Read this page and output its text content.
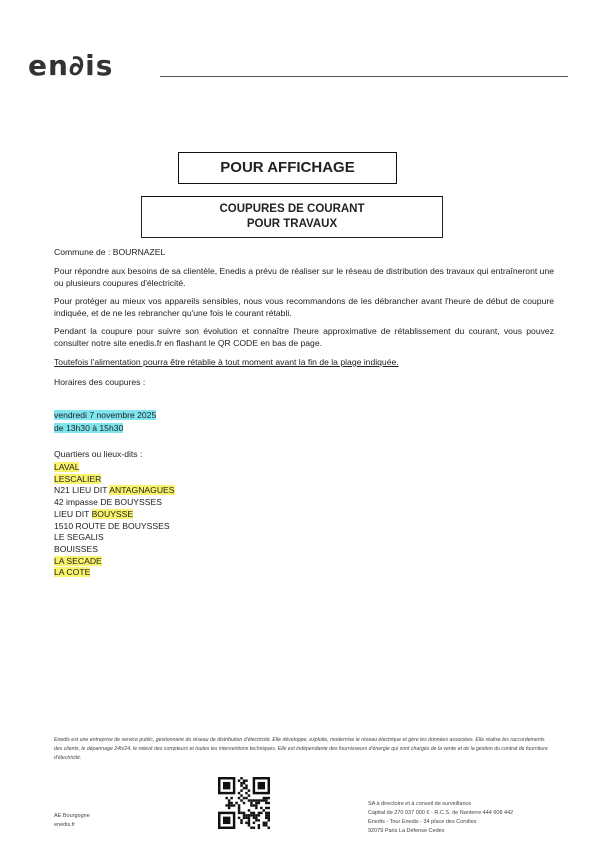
en∂is
POUR AFFICHAGE
COUPURES DE COURANT
POUR TRAVAUX
Commune de : BOURNAZEL
Pour répondre aux besoins de sa clientèle, Enedis a prévu de réaliser sur le réseau de distribution des travaux qui entraîneront une ou plusieurs coupures d'électricité.
Pour protéger au mieux vos appareils sensibles, nous vous recommandons de les débrancher avant l'heure de début de coupure indiquée, et de ne les rebrancher qu'une fois le courant rétabli.
Pendant la coupure pour suivre son évolution et connaître l'heure approximative de rétablissement du courant, vous pouvez consulter notre site enedis.fr en flashant le QR CODE en bas de page.
Toutefois l'alimentation pourra être rétablie à tout moment avant la fin de la plage indiquée.
Horaires des coupures :
vendredi 7 novembre 2025
de 13h30 à 15h30
Quartiers ou lieux-dits :
LAVAL
LESCALIER
N21 LIEU DIT ANTAGNAGUES
42 impasse DE BOUYSSES
LIEU DIT BOUYSSE
1510 ROUTE DE BOUYSSES
LE SEGALIS
BOUISSES
LA SECADE
LA COTE
Enedis est une entreprise de service public, gestionnaire du réseau de distribution d'électricité. Elle développe, exploite, modernise le réseau électrique et gère les données associées. Elle réalise les raccordements des clients, le dépannage 24h/24, le relevé des compteurs et toutes les interventions techniques. Elle est indépendante des fournisseurs d'énergie qui sont chargés de la vente et de la gestion du contrat de fourniture d'électricité.
AE Bourgogne
enedis.fr
SA à directoire et à conseil de surveillance
Capital de 270 037 000 € - R.C.S. de Nanterre 444 608 442
Enedis - Tour Enedis - 34 place des Corolles
92079 Paris La Défense Cedex
